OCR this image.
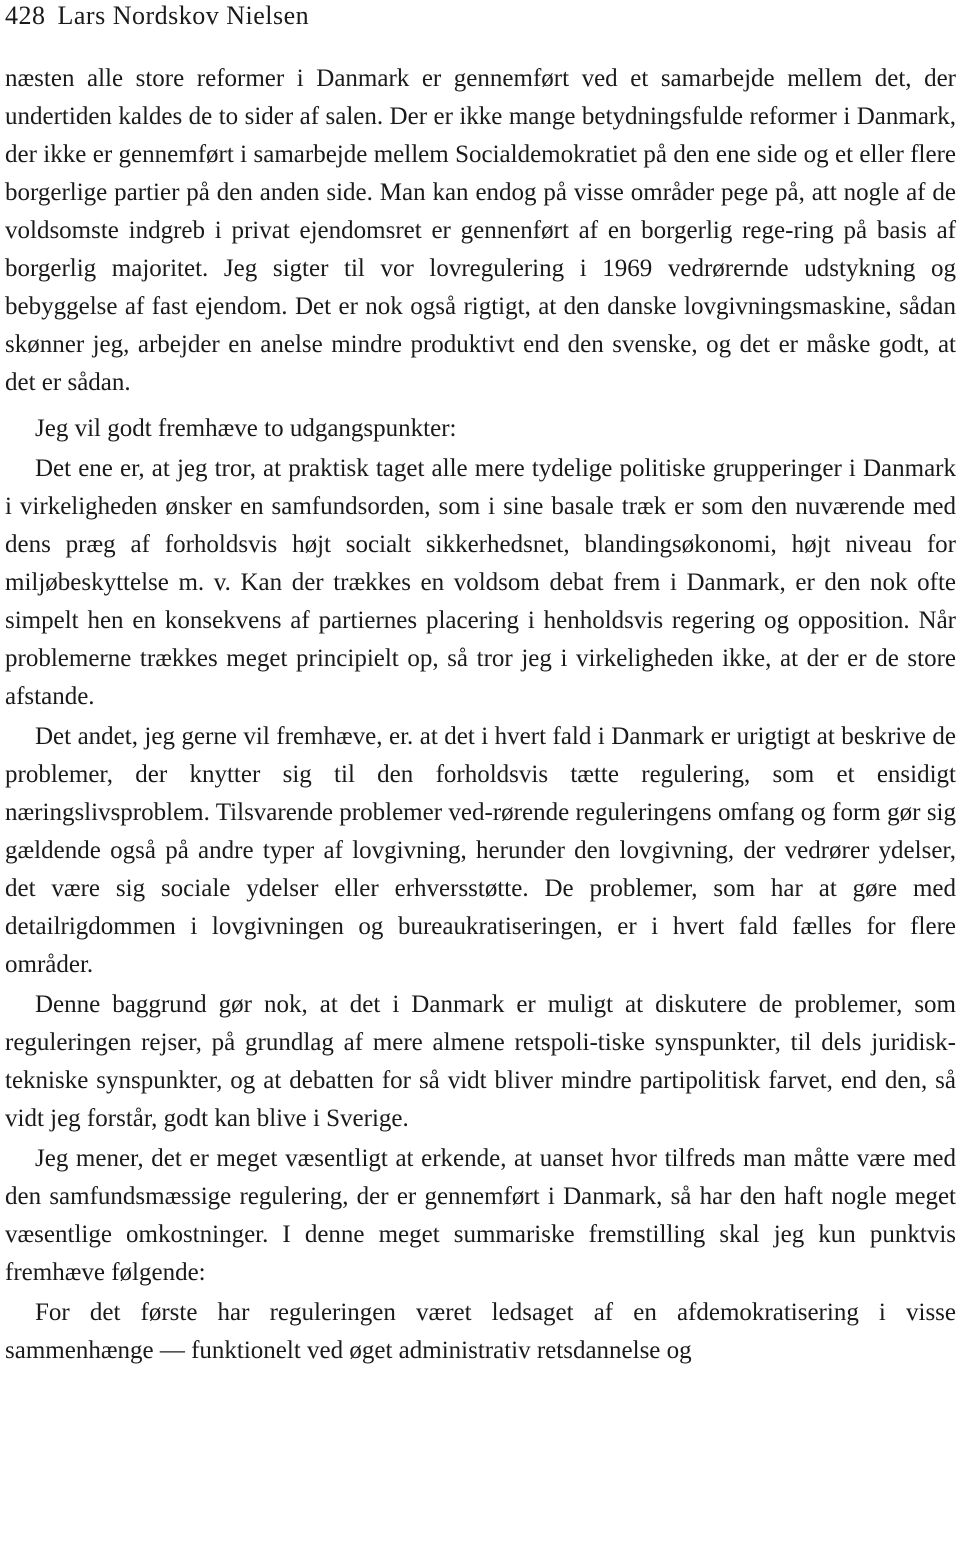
428 Lars Nordskov Nielsen

næsten alle store reformer i Danmark er gennemført ved et samarbejde mellem det, der undertiden kaldes de to sider af salen. Der er ikke mange betydningsfulde reformer i Danmark, der ikke er gennemført i samarbejde mellem Socialdemokratiet på den ene side og et eller flere borgerlige partier på den anden side. Man kan endog på visse områder pege på, att nogle af de voldsomste indgreb i privat ejendomsret er gennenført af en borgerlig rege-ring på basis af borgerlig majoritet. Jeg sigter til vor lovregulering i 1969 vedrørernde udstykning og bebyggelse af fast ejendom. Det er nok også rigtigt, at den danske lovgivningsmaskine, sådan skønner jeg, arbejder en anelse mindre produktivt end den svenske, og det er måske godt, at det er sådan.

Jeg vil godt fremhæve to udgangspunkter:

Det ene er, at jeg tror, at praktisk taget alle mere tydelige politiske grupperinger i Danmark i virkeligheden ønsker en samfundsorden, som i sine basale træk er som den nuværende med dens præg af forholdsvis højt socialt sikkerhedsnet, blandingsøkonomi, højt niveau for miljøbeskyttelse m. v. Kan der trækkes en voldsom debat frem i Danmark, er den nok ofte simpelt hen en konsekvens af partiernes placering i henholdsvis regering og opposition. Når problemerne trækkes meget principielt op, så tror jeg i virkeligheden ikke, at der er de store afstande.

Det andet, jeg gerne vil fremhæve, er. at det i hvert fald i Danmark er urigtigt at beskrive de problemer, der knytter sig til den forholdsvis tætte regulering, som et ensidigt næringslivsproblem. Tilsvarende problemer ved-rørende reguleringens omfang og form gør sig gældende også på andre typer af lovgivning, herunder den lovgivning, der vedrører ydelser, det være sig sociale ydelser eller erhversstøtte. De problemer, som har at gøre med detailrigdommen i lovgivningen og bureaukratiseringen, er i hvert fald fælles for flere områder.

Denne baggrund gør nok, at det i Danmark er muligt at diskutere de problemer, som reguleringen rejser, på grundlag af mere almene retspoli-tiske synspunkter, til dels juridisk-tekniske synspunkter, og at debatten for så vidt bliver mindre partipolitisk farvet, end den, så vidt jeg forstår, godt kan blive i Sverige.

Jeg mener, det er meget væsentligt at erkende, at uanset hvor tilfreds man måtte være med den samfundsmæssige regulering, der er gennemført i Danmark, så har den haft nogle meget væsentlige omkostninger. I denne meget summariske fremstilling skal jeg kun punktvis fremhæve følgende:

For det første har reguleringen været ledsaget af en afdemokratisering i visse sammenhænge — funktionelt ved øget administrativ retsdannelse og
